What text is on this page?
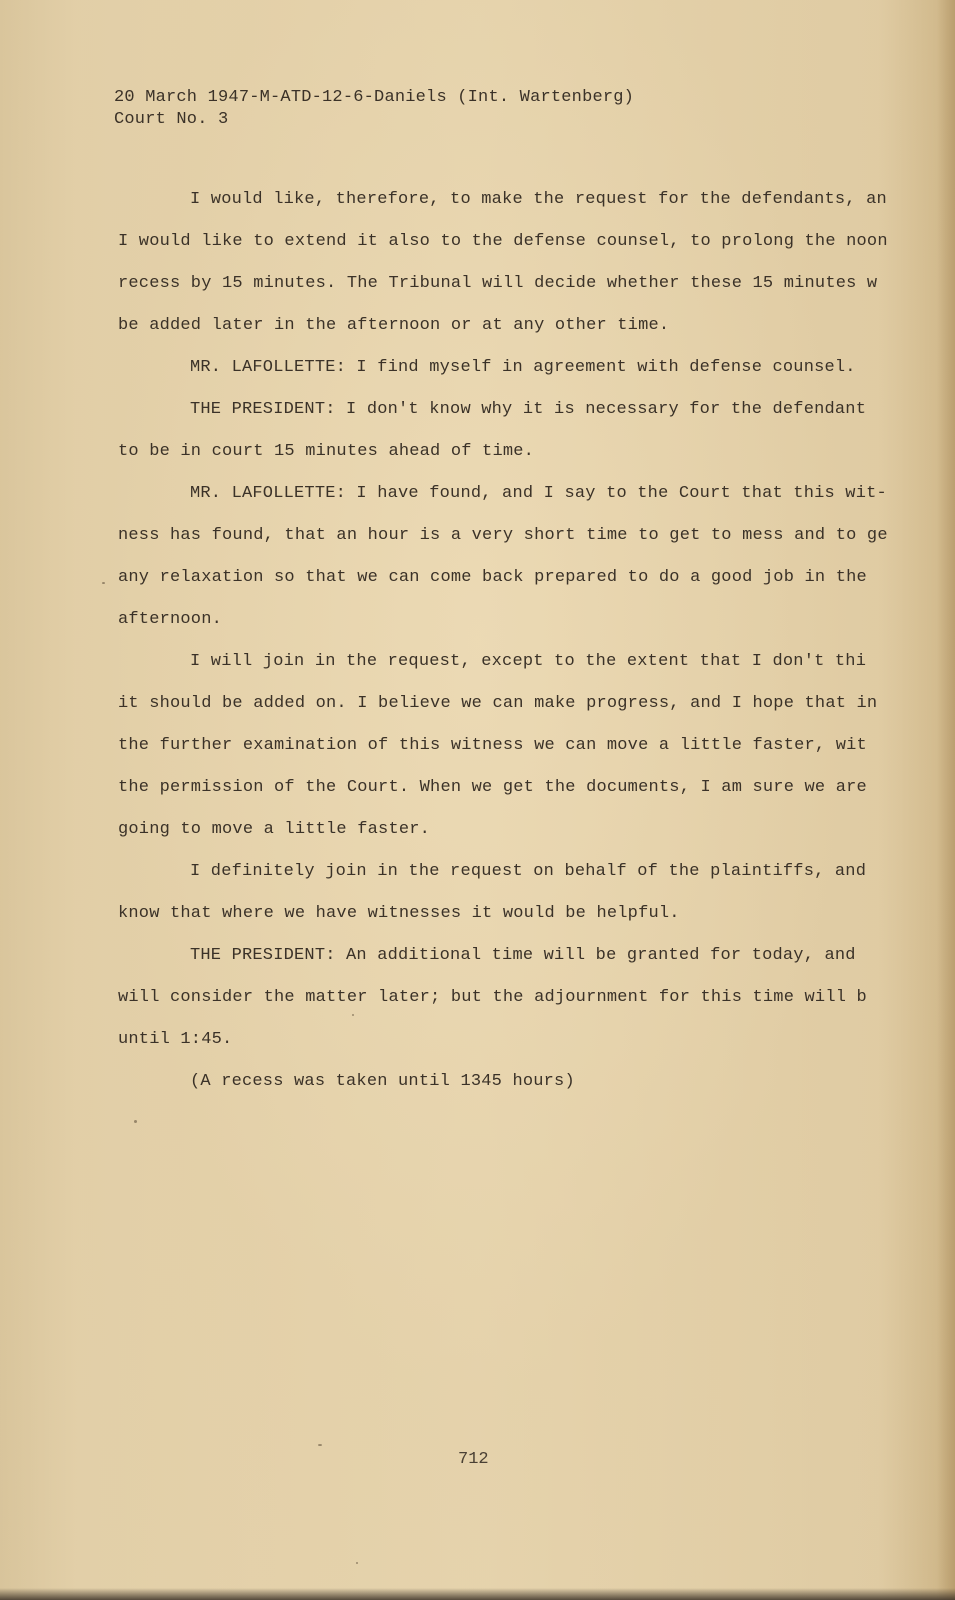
20 March 1947-M-ATD-12-6-Daniels (Int. Wartenberg)
Court No. 3
I would like, therefore, to make the request for the defendants, an
I would like to extend it also to the defense counsel, to prolong the noon
recess by 15 minutes. The Tribunal will decide whether these 15 minutes w
be added later in the afternoon or at any other time.
MR. LAFOLLETTE: I find myself in agreement with defense counsel.
THE PRESIDENT: I don't know why it is necessary for the defendant
to be in court 15 minutes ahead of time.
MR. LAFOLLETTE: I have found, and I say to the Court that this wit-
ness has found, that an hour is a very short time to get to mess and to ge
any relaxation so that we can come back prepared to do a good job in the
afternoon.
I will join in the request, except to the extent that I don't thi
it should be added on. I believe we can make progress, and I hope that in
the further examination of this witness we can move a little faster, wit
the permission of the Court. When we get the documents, I am sure we are
going to move a little faster.
I definitely join in the request on behalf of the plaintiffs, and
know that where we have witnesses it would be helpful.
THE PRESIDENT: An additional time will be granted for today, and
will consider the matter later; but the adjournment for this time will b
until 1:45.
(A recess was taken until 1345 hours)
712
